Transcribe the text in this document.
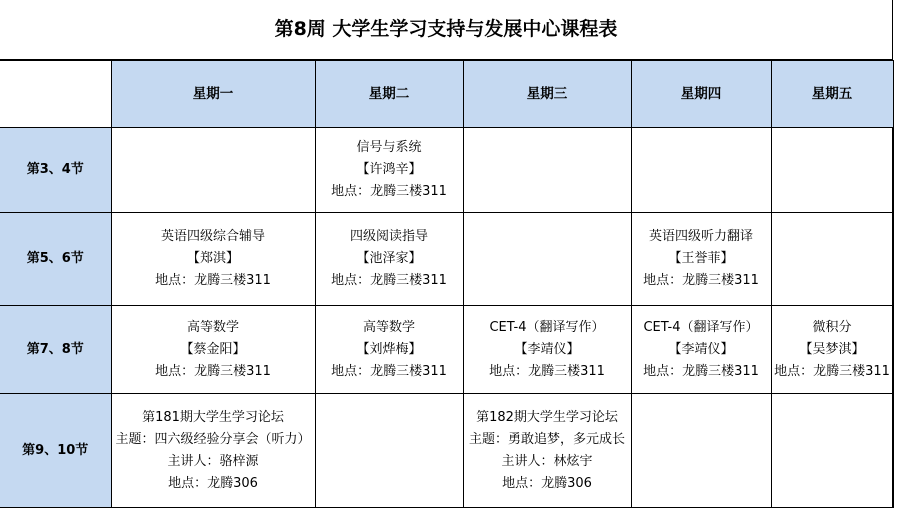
第8周 大学生学习支持与发展中心课程表
	星期一	星期二	星期三	星期四	星期五
第3、4节		信号与系统
【许鸿辛】
地点：龙腾三楼311			

第5、6节	英语四级综合辅导
【郑淇】
地点：龙腾三楼311	四级阅读指导
【池泽家】
地点：龙腾三楼311		英语四级听力翻译
【王誉菲】
地点：龙腾三楼311	

第7、8节	高等数学
【蔡金阳】
地点：龙腾三楼311	高等数学
【刘烨梅】
地点：龙腾三楼311	CET-4（翻译写作）
【李靖仪】
地点：龙腾三楼311	CET-4（翻译写作）
【李靖仪】
地点：龙腾三楼311	微积分
【吴梦淇】
地点：龙腾三楼311

第9、10节	第181期大学生学习论坛
主题：四六级经验分享会（听力）
主讲人：骆梓源
地点：龙腾306		第182期大学生学习论坛
主题：勇敢追梦，多元成长
主讲人：林炫宇
地点：龙腾306		
